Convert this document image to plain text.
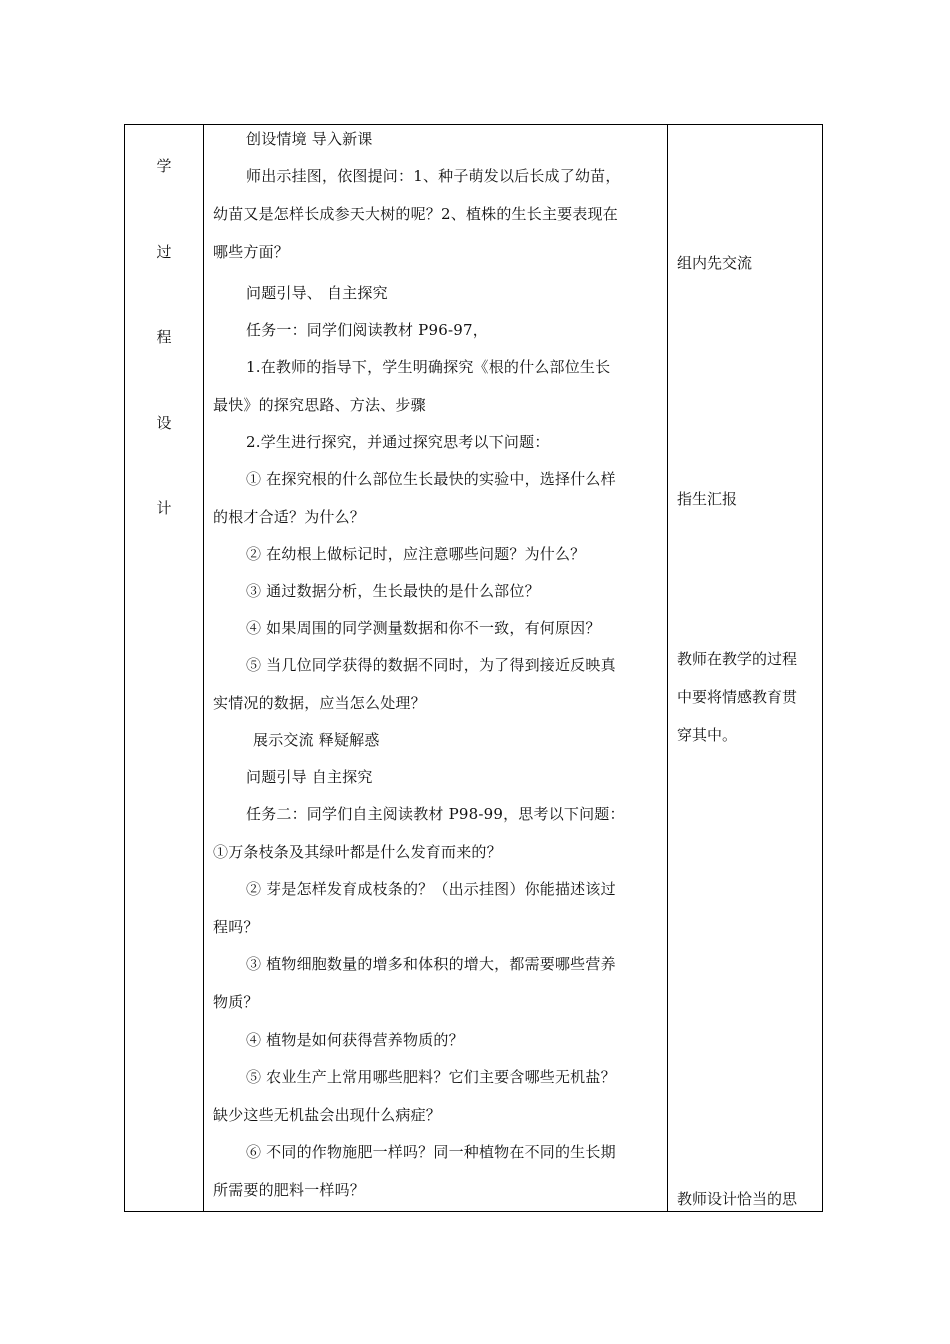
学
过
程
设
计
创设情境 导入新课
师出示挂图，依图提问：1、种子萌发以后长成了幼苗，
幼苗又是怎样长成参天大树的呢？2、植株的生长主要表现在
哪些方面？
问题引导、 自主探究
任务一：同学们阅读教材 P96-97，
1.在教师的指导下，学生明确探究《根的什么部位生长
最快》的探究思路、方法、步骤
2.学生进行探究，并通过探究思考以下问题：
① 在探究根的什么部位生长最快的实验中，选择什么样
的根才合适？为什么？
② 在幼根上做标记时，应注意哪些问题？为什么？
③ 通过数据分析，生长最快的是什么部位？
④ 如果周围的同学测量数据和你不一致，有何原因？
⑤ 当几位同学获得的数据不同时，为了得到接近反映真
实情况的数据，应当怎么处理？
展示交流 释疑解惑
问题引导 自主探究
任务二：同学们自主阅读教材 P98-99，思考以下问题：
①万条枝条及其绿叶都是什么发育而来的？
② 芽是怎样发育成枝条的？（出示挂图）你能描述该过
程吗？
③ 植物细胞数量的增多和体积的增大，都需要哪些营养
物质？
④ 植物是如何获得营养物质的？
⑤ 农业生产上常用哪些肥料？它们主要含哪些无机盐？
缺少这些无机盐会出现什么病症？
⑥ 不同的作物施肥一样吗？同一种植物在不同的生长期
所需要的肥料一样吗？
组内先交流
指生汇报
教师在教学的过程
中要将情感教育贯
穿其中。
教师设计恰当的思
